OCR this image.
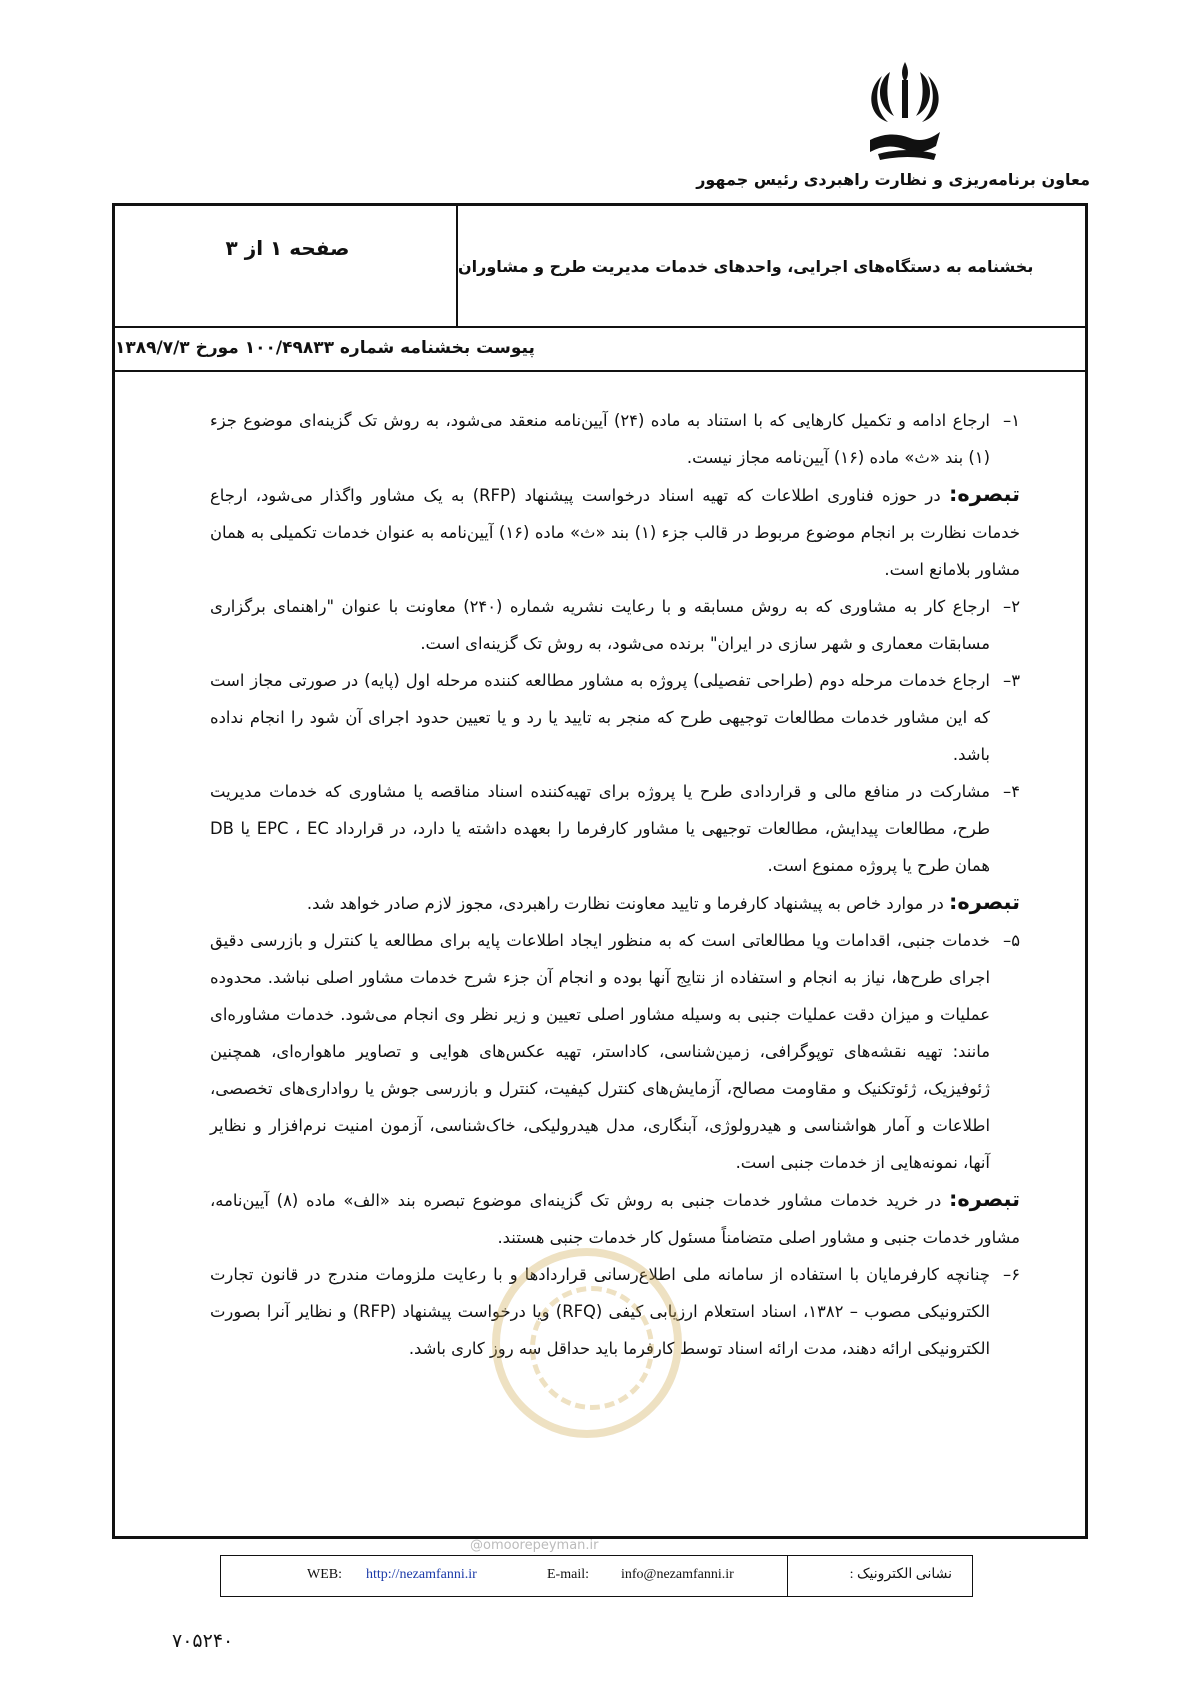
معاون برنامه‌ریزی و نظارت راهبردی رئیس جمهور
بخشنامه به دستگاه‌های اجرایی، واحدهای خدمات مدیریت طرح و مشاوران
صفحه ۱ از ۳
پیوست بخشنامه شماره ۱۰۰/۴۹۸۳۳ مورخ ۱۳۸۹/۷/۳
۱–
ارجاع ادامه و تکمیل کارهایی که با استناد به ماده (۲۴) آیین‌نامه منعقد می‌شود، به روش تک گزینه‌ای موضوع جزء (۱) بند «ث» ماده (۱۶) آیین‌نامه مجاز نیست.
تبصره: در حوزه فناوری اطلاعات که تهیه اسناد درخواست پیشنهاد (RFP) به یک مشاور واگذار می‌شود، ارجاع خدمات نظارت بر انجام موضوع مربوط در قالب جزء (۱) بند «ث» ماده (۱۶) آیین‌نامه به عنوان خدمات تکمیلی به همان مشاور بلامانع است.
۲–
ارجاع کار به مشاوری که به روش مسابقه و با رعایت نشریه شماره (۲۴۰) معاونت با عنوان "راهنمای برگزاری مسابقات معماری و شهر سازی در ایران" برنده می‌شود، به روش تک گزینه‌ای است.
۳–
ارجاع خدمات مرحله دوم (طراحی تفصیلی) پروژه به مشاور مطالعه کننده مرحله اول (پایه) در صورتی مجاز است که این مشاور خدمات مطالعات توجیهی طرح که منجر به تایید یا رد و یا تعیین حدود اجرای آن شود را انجام نداده باشد.
۴–
مشارکت در منافع مالی و قراردادی طرح یا پروژه برای تهیه‌کننده اسناد مناقصه یا مشاوری که خدمات مدیریت طرح، مطالعات پیدایش، مطالعات توجیهی یا مشاور کارفرما را بعهده داشته یا دارد، در قرارداد EPC ، EC یا DB همان طرح یا پروژه ممنوع است.
تبصره: در موارد خاص به پیشنهاد کارفرما و تایید معاونت نظارت راهبردی، مجوز لازم صادر خواهد شد.
۵–
خدمات جنبی، اقدامات ویا مطالعاتی است که به منظور ایجاد اطلاعات پایه برای مطالعه یا کنترل و بازرسی دقیق اجرای طرح‌ها، نیاز به انجام و استفاده از نتایج آنها بوده و انجام آن جزء شرح خدمات مشاور اصلی نباشد. محدوده عملیات و میزان دقت عملیات جنبی به وسیله مشاور اصلی تعیین و زیر نظر وی انجام می‌شود. خدمات مشاوره‌ای مانند: تهیه نقشه‌های توپوگرافی، زمین‌شناسی، کاداستر، تهیه عکس‌های هوایی و تصاویر ماهواره‌ای، همچنین ژئوفیزیک، ژئوتکنیک و مقاومت مصالح، آزمایش‌های کنترل کیفیت، کنترل و بازرسی جوش یا رواداری‌های تخصصی، اطلاعات و آمار هواشناسی و هیدرولوژی، آبنگاری، مدل هیدرولیکی، خاک‌شناسی، آزمون امنیت نرم‌افزار و نظایر آنها، نمونه‌هایی از خدمات جنبی است.
تبصره: در خرید خدمات مشاور خدمات جنبی به روش تک گزینه‌ای موضوع تبصره بند «الف» ماده (۸) آیین‌نامه، مشاور خدمات جنبی و مشاور اصلی متضامناً مسئول کار خدمات جنبی هستند.
۶–
چنانچه کارفرمایان با استفاده از سامانه ملی اطلاع‌رسانی قراردادها و با رعایت ملزومات مندرج در قانون تجارت الکترونیکی مصوب – ۱۳۸۲، اسناد استعلام ارزیابی کیفی (RFQ) ویا درخواست پیشنهاد (RFP) و نظایر آنرا بصورت الکترونیکی ارائه دهند، مدت ارائه اسناد توسط کارفرما باید حداقل سه روز کاری باشد.
@omoorepeyman.ir
WEB: http://nezamfanni.ir	E-mail: info@nezamfanni.ir	نشانی الکترونیک :
۷۰۵۲۴۰
